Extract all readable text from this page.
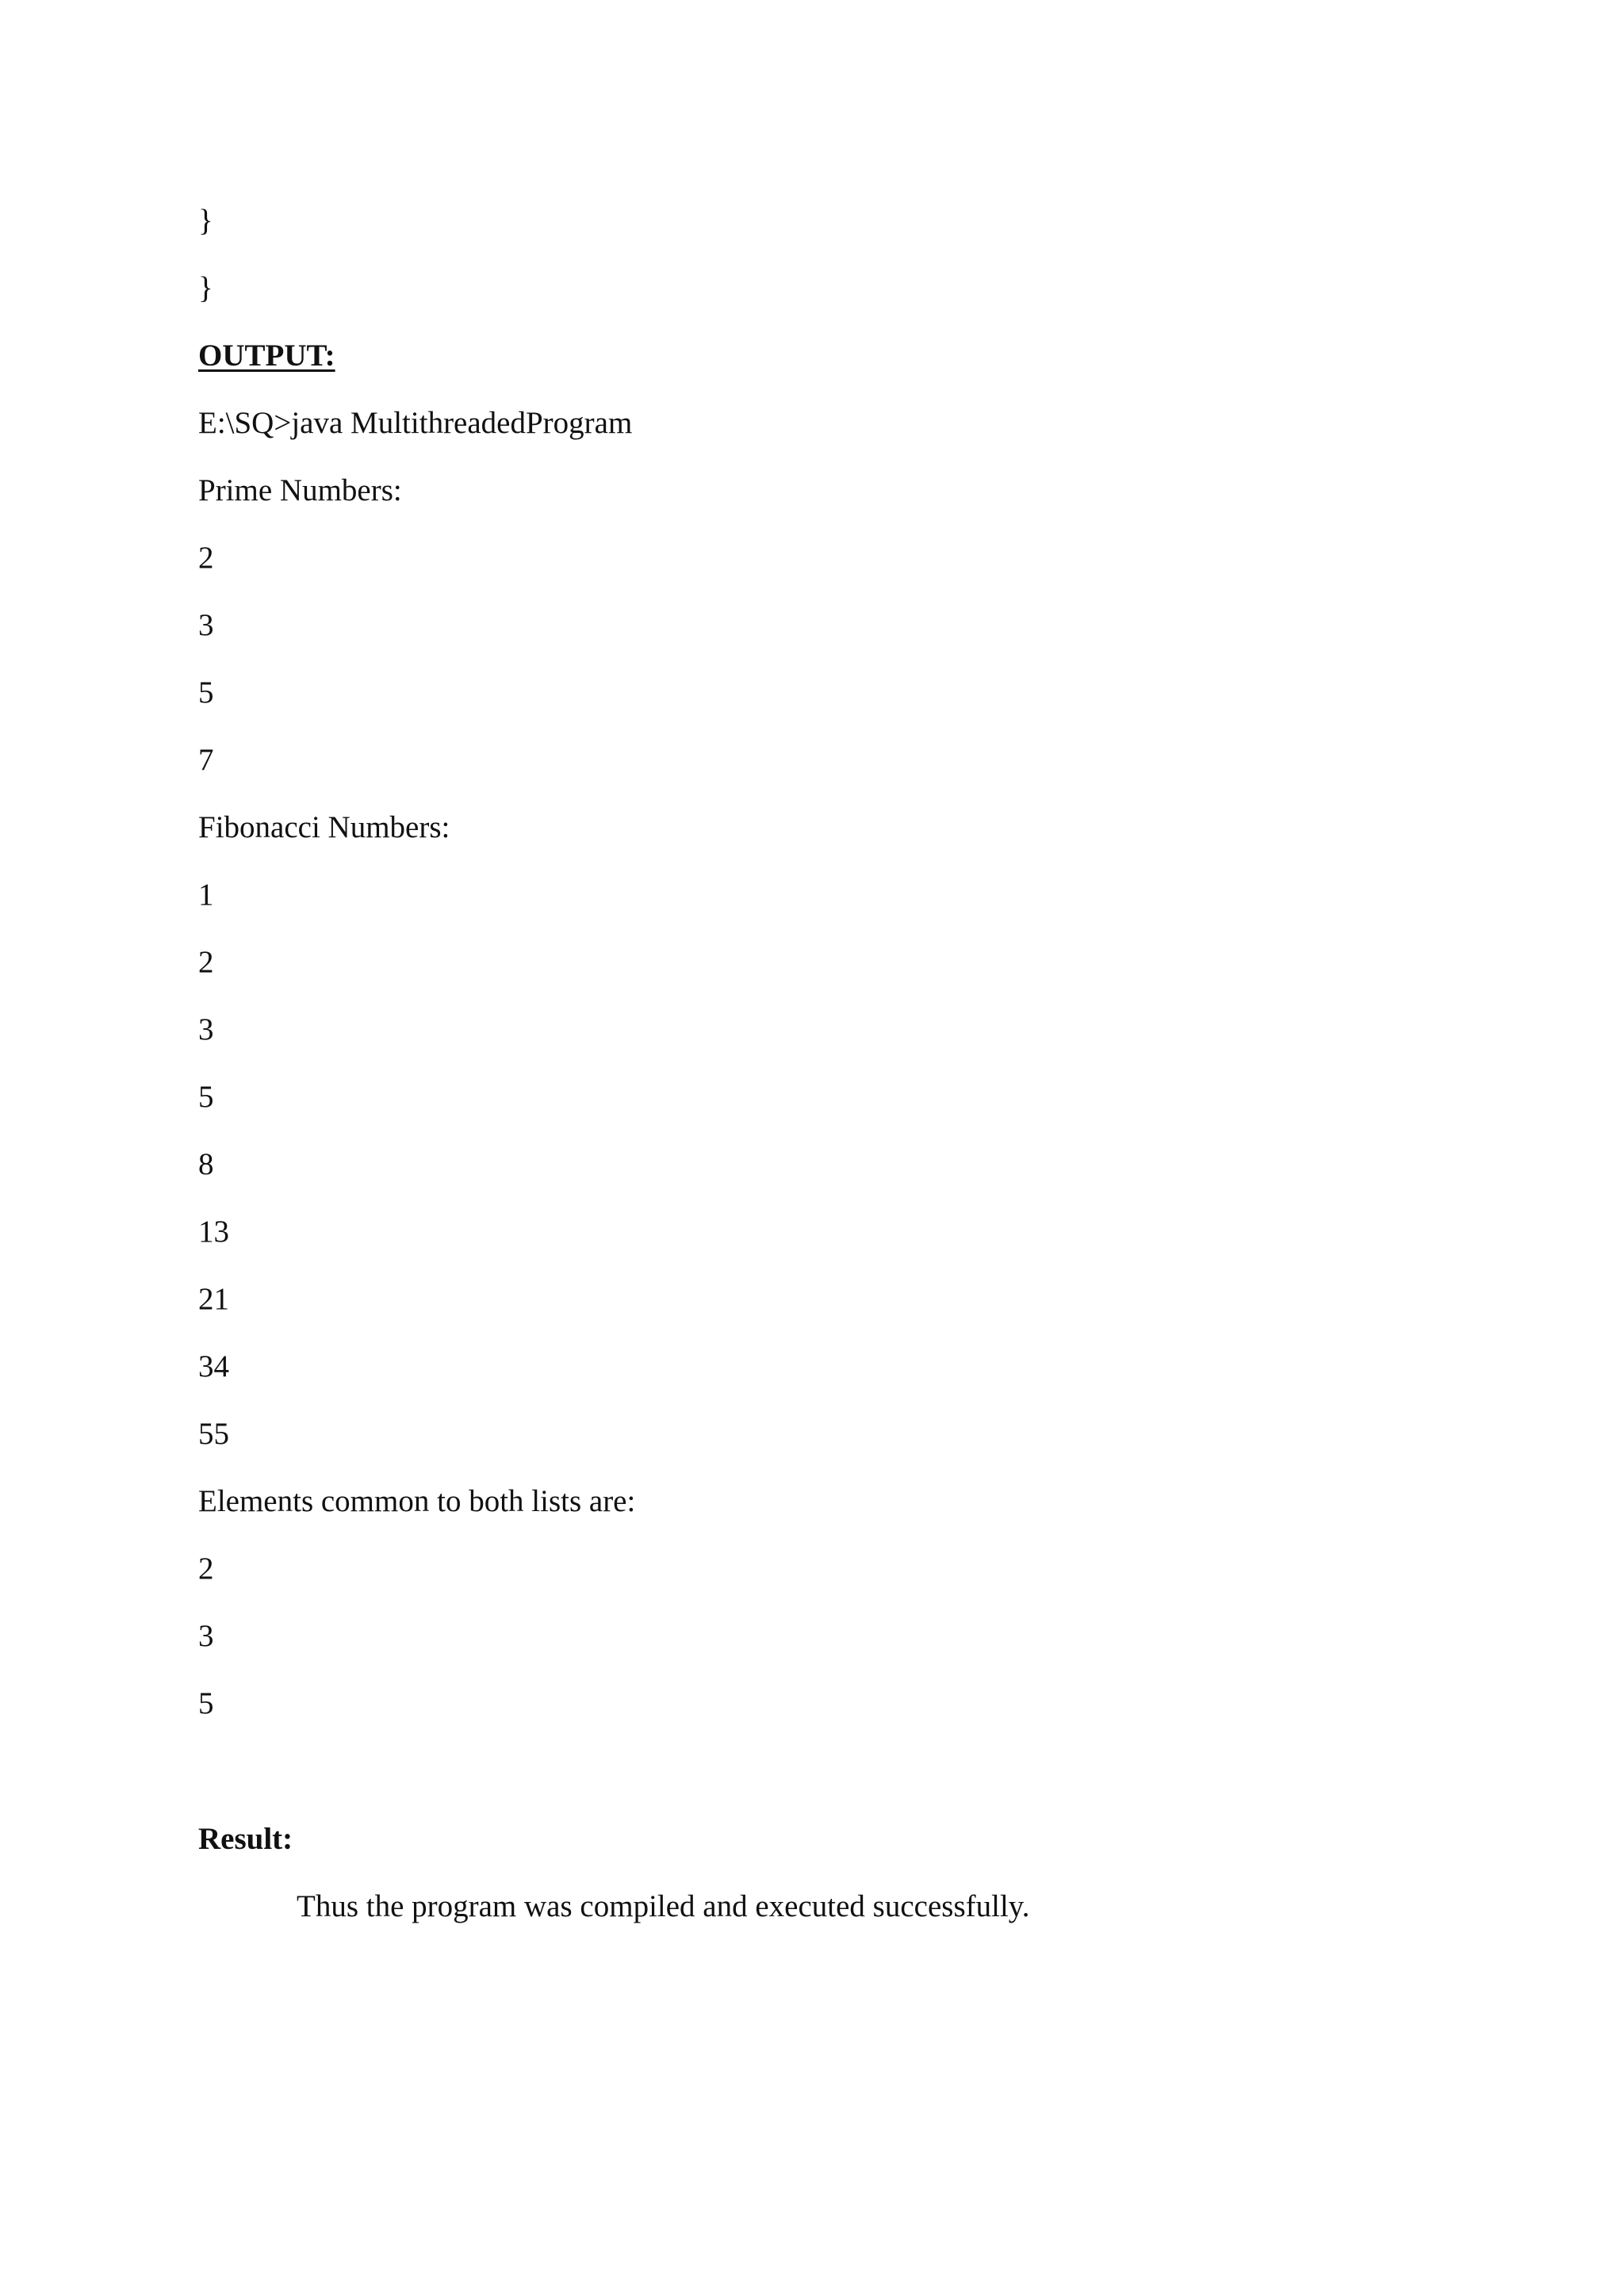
}

}

OUTPUT:

E:\SQ>java MultithreadedProgram

Prime Numbers:

2

3

5

7

Fibonacci Numbers:

1

2

3

5

8

13

21

34

55

Elements common to both lists are:

2

3

5

Result:

Thus the program was compiled and executed successfully.
